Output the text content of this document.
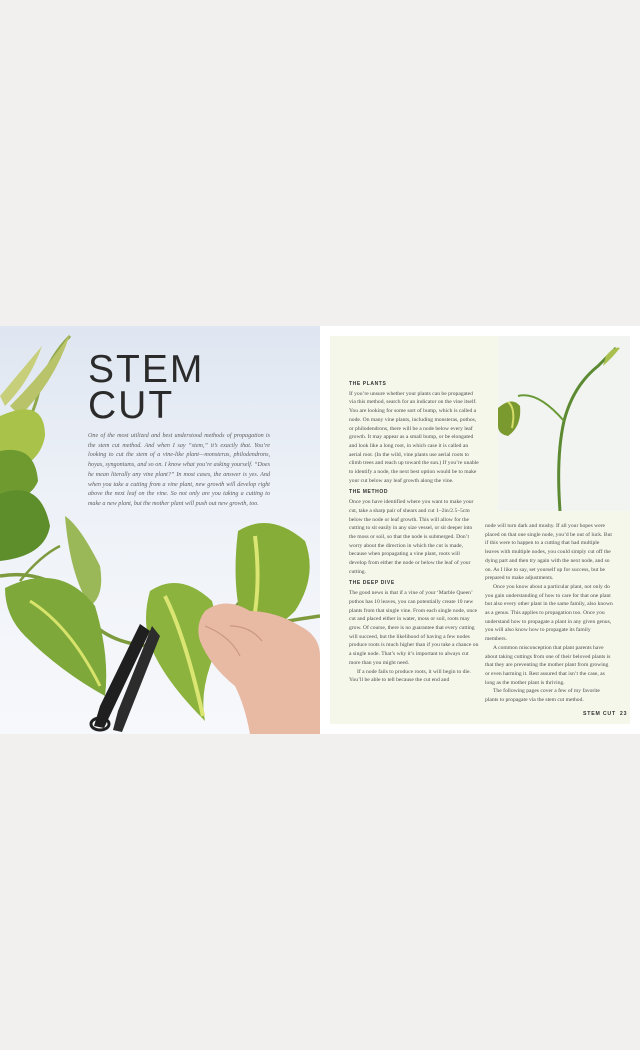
STEM
CUT

One of the most utilized and best understood methods of propagation is the stem cut method. And when I say “stem,” it’s exactly that. You’re looking to cut the stem of a vine-like plant—monsteras, philodendrons, hoyas, syngoniums, and so on. I know what you’re asking yourself. “Does he mean literally any vine plant?” In most cases, the answer is yes. And when you take a cutting from a vine plant, new growth will develop right above the next leaf on the vine. So not only are you taking a cutting to make a new plant, but the mother plant will push out new growth, too.

THE PLANTS

If you’re unsure whether your plants can be propagated via this method, search for an indicator on the vine itself. You are looking for some sort of bump, which is called a node. On many vine plants, including monsteras, pothos, or philodendrons, there will be a node below every leaf growth. It may appear as a small bump, or be elongated and look like a long root, in which case it is called an aerial root. (In the wild, vine plants use aerial roots to climb trees and reach up toward the sun.) If you’re unable to identify a node, the next best option would be to make your cut below any leaf growth along the vine.

THE METHOD

Once you have identified where you want to make your cut, take a sharp pair of shears and cut 1–2in/2.5–5cm below the node or leaf growth. This will allow for the cutting to sit easily in any size vessel, or sit deeper into the moss or soil, so that the node is submerged. Don’t worry about the direction in which the cut is made, because when propagating a vine plant, roots will develop from either the node or below the leaf of your cutting.

THE DEEP DIVE

The good news is that if a vine of your ‘Marble Queen’ pothos has 10 leaves, you can potentially create 10 new plants from that single vine. From each single node, once cut and placed either in water, moss or soil, roots may grow. Of course, there is no guarantee that every cutting will succeed, but the likelihood of having a few nodes produce roots is much higher than if you take a chance on a single node. That’s why it’s important to always cut more than you might need.

If a node fails to produce roots, it will begin to die. You’ll be able to tell because the cut end and

node will turn dark and mushy. If all your hopes were placed on that one single node, you’d be out of luck. But if this were to happen to a cutting that had multiple leaves with multiple nodes, you could simply cut off the dying part and then try again with the next node, and so on. As I like to say, set yourself up for success, but be prepared to make adjustments.

Once you know about a particular plant, not only do you gain understanding of how to care for that one plant but also every other plant in the same family, also known as a genus. This applies to propagation too. Once you understand how to propagate a plant in any given genus, you will also know how to propagate its family members.

A common misconception that plant parents have about taking cuttings from one of their beloved plants is that they are preventing the mother plant from growing or even harming it. Rest assured that isn’t the case, as long as the mother plant is thriving.

The following pages cover a few of my favorite plants to propagate via the stem cut method.

STEM CUT 23
